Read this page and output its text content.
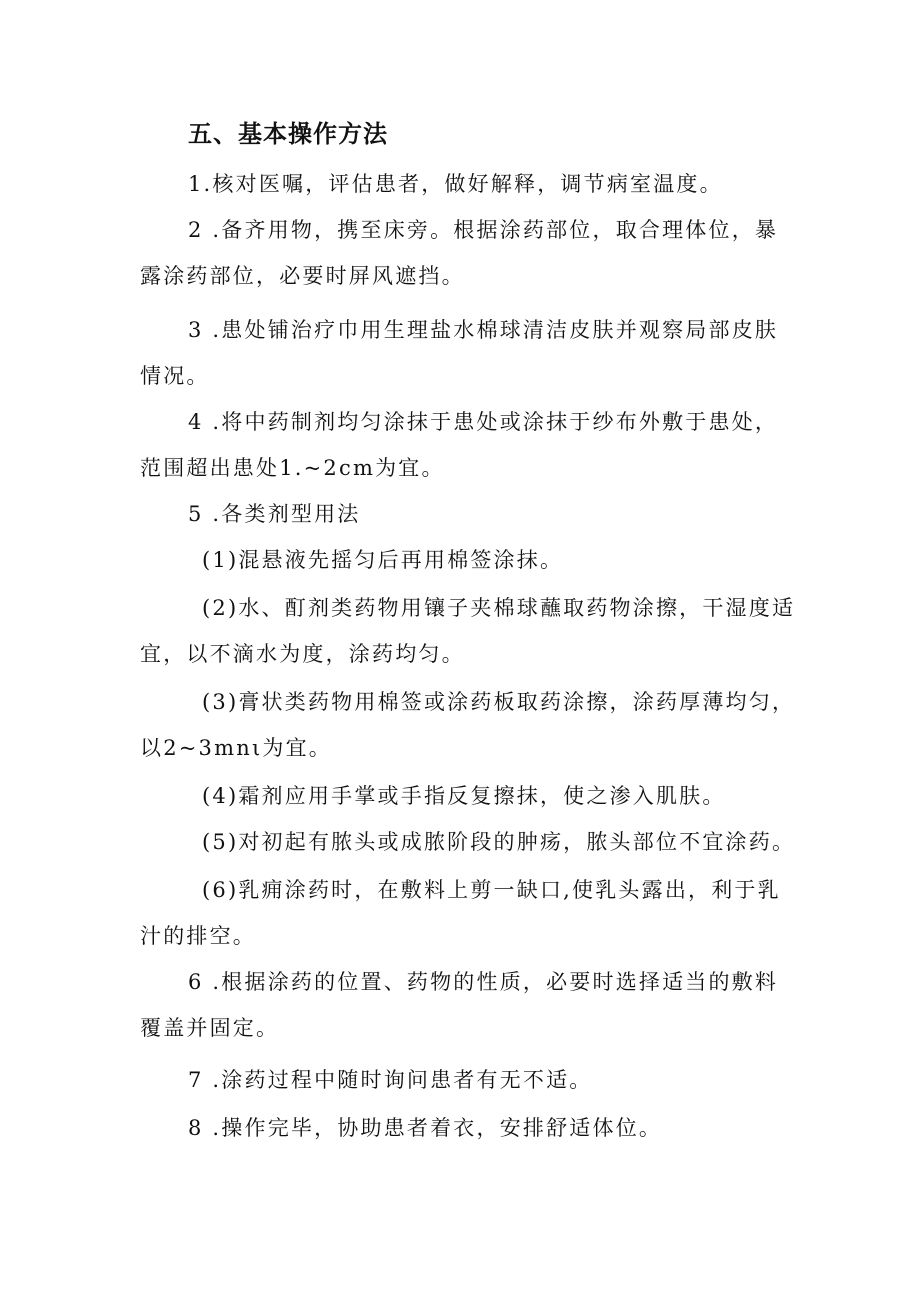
五、基本操作方法
1.核对医嘱，评估患者，做好解释，调节病室温度。
2 .备齐用物，携至床旁。根据涂药部位，取合理体位，暴
露涂药部位，必要时屏风遮挡。
3 .患处铺治疗巾用生理盐水棉球清洁皮肤并观察局部皮肤
情况。
4 .将中药制剂均匀涂抹于患处或涂抹于纱布外敷于患处，
范围超出患处1.~2cm为宜。
5 .各类剂型用法
(1)混悬液先摇匀后再用棉签涂抹。
(2)水、酊剂类药物用镶子夹棉球蘸取药物涂擦，干湿度适
宜，以不滴水为度，涂药均匀。
(3)膏状类药物用棉签或涂药板取药涂擦，涂药厚薄均匀，
以2~3mnι为宜。
(4)霜剂应用手掌或手指反复擦抹，使之渗入肌肤。
(5)对初起有脓头或成脓阶段的肿疡，脓头部位不宜涂药。
(6)乳痈涂药时，在敷料上剪一缺口,使乳头露出，利于乳
汁的排空。
6 .根据涂药的位置、药物的性质，必要时选择适当的敷料
覆盖并固定。
7 .涂药过程中随时询问患者有无不适。
8 .操作完毕，协助患者着衣，安排舒适体位。
